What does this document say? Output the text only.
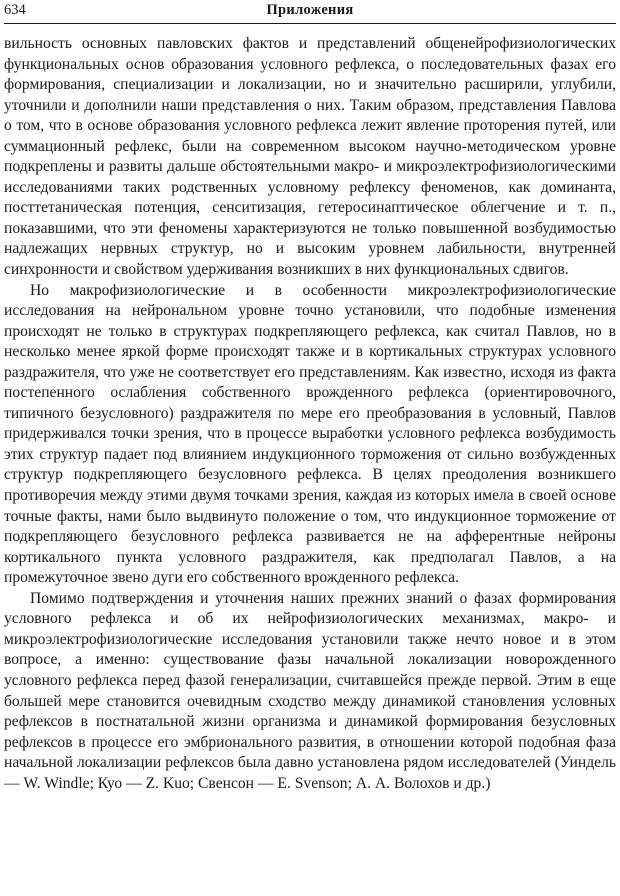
634	Приложения

вильность основных павловских фактов и представлений общенейрофизиологических функциональных основ образования условного рефлекса, о последовательных фазах его формирования, специализации и локализации, но и значительно расширили, углубили, уточнили и дополнили наши представления о них. Таким образом, представления Павлова о том, что в основе образования условного рефлекса лежит явление проторения путей, или суммационный рефлекс, были на современном высоком научно-методическом уровне подкреплены и развиты дальше обстоятельными макро- и микроэлектрофизиологическими исследованиями таких родственных условному рефлексу феноменов, как доминанта, посттетаническая потенция, сенситизация, гетеросинаптическое облегчение и т. п., показавшими, что эти феномены характеризуются не только повышенной возбудимостью надлежащих нервных структур, но и высоким уровнем лабильности, внутренней синхронности и свойством удерживания возникших в них функциональных сдвигов.

Но макрофизиологические и в особенности микроэлектрофизиологические исследования на нейрональном уровне точно установили, что подобные изменения происходят не только в структурах подкрепляющего рефлекса, как считал Павлов, но в несколько менее яркой форме происходят также и в кортикальных структурах условного раздражителя, что уже не соответствует его представлениям. Как известно, исходя из факта постепенного ослабления собственного врожденного рефлекса (ориентировочного, типичного безусловного) раздражителя по мере его преобразования в условный, Павлов придерживался точки зрения, что в процессе выработки условного рефлекса возбудимость этих структур падает под влиянием индукционного торможения от сильно возбужденных структур подкрепляющего безусловного рефлекса. В целях преодоления возникшего противоречия между этими двумя точками зрения, каждая из которых имела в своей основе точные факты, нами было выдвинуто положение о том, что индукционное торможение от подкрепляющего безусловного рефлекса развивается не на афферентные нейроны кортикального пункта условного раздражителя, как предполагал Павлов, а на промежуточное звено дуги его собственного врожденного рефлекса.

Помимо подтверждения и уточнения наших прежних знаний о фазах формирования условного рефлекса и об их нейрофизиологических механизмах, макро- и микроэлектрофизиологические исследования установили также нечто новое и в этом вопросе, а именно: существование фазы начальной локализации новорожденного условного рефлекса перед фазой генерализации, считавшейся прежде первой. Этим в еще большей мере становится очевидным сходство между динамикой становления условных рефлексов в постнатальной жизни организма и динамикой формирования безусловных рефлексов в процессе его эмбрионального развития, в отношении которой подобная фаза начальной локализации рефлексов была давно установлена рядом исследователей (Уиндель — W. Windle; Куо — Z. Kuo; Свенсон — E. Svenson; А. А. Волохов и др.)
